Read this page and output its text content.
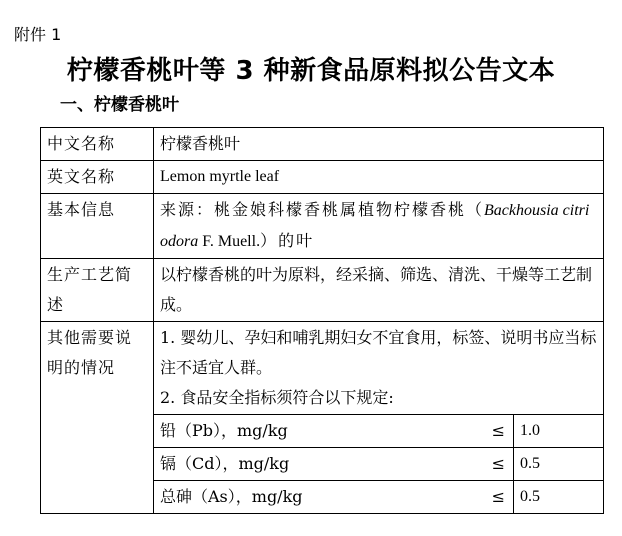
附件 1
柠檬香桃叶等 3 种新食品原料拟公告文本
一、柠檬香桃叶
中文名称	柠檬香桃叶	
英文名称	Lemon myrtle leaf	
基本信息	来源：桃金娘科檬香桃属植物柠檬香桃（Backhousia citriodora F. Muell.）的叶	
生产工艺简述	以柠檬香桃的叶为原料，经采摘、筛选、清洗、干燥等工艺制成。	
其他需要说明的情况	1. 婴幼儿、孕妇和哺乳期妇女不宜食用，标签、说明书应当标注不适宜人群。
2. 食品安全指标须符合以下规定:	

	铅（Pb），mg/kg ≤	1.0
	镉（Cd），mg/kg ≤	0.5
	总砷（As），mg/kg ≤	0.5
